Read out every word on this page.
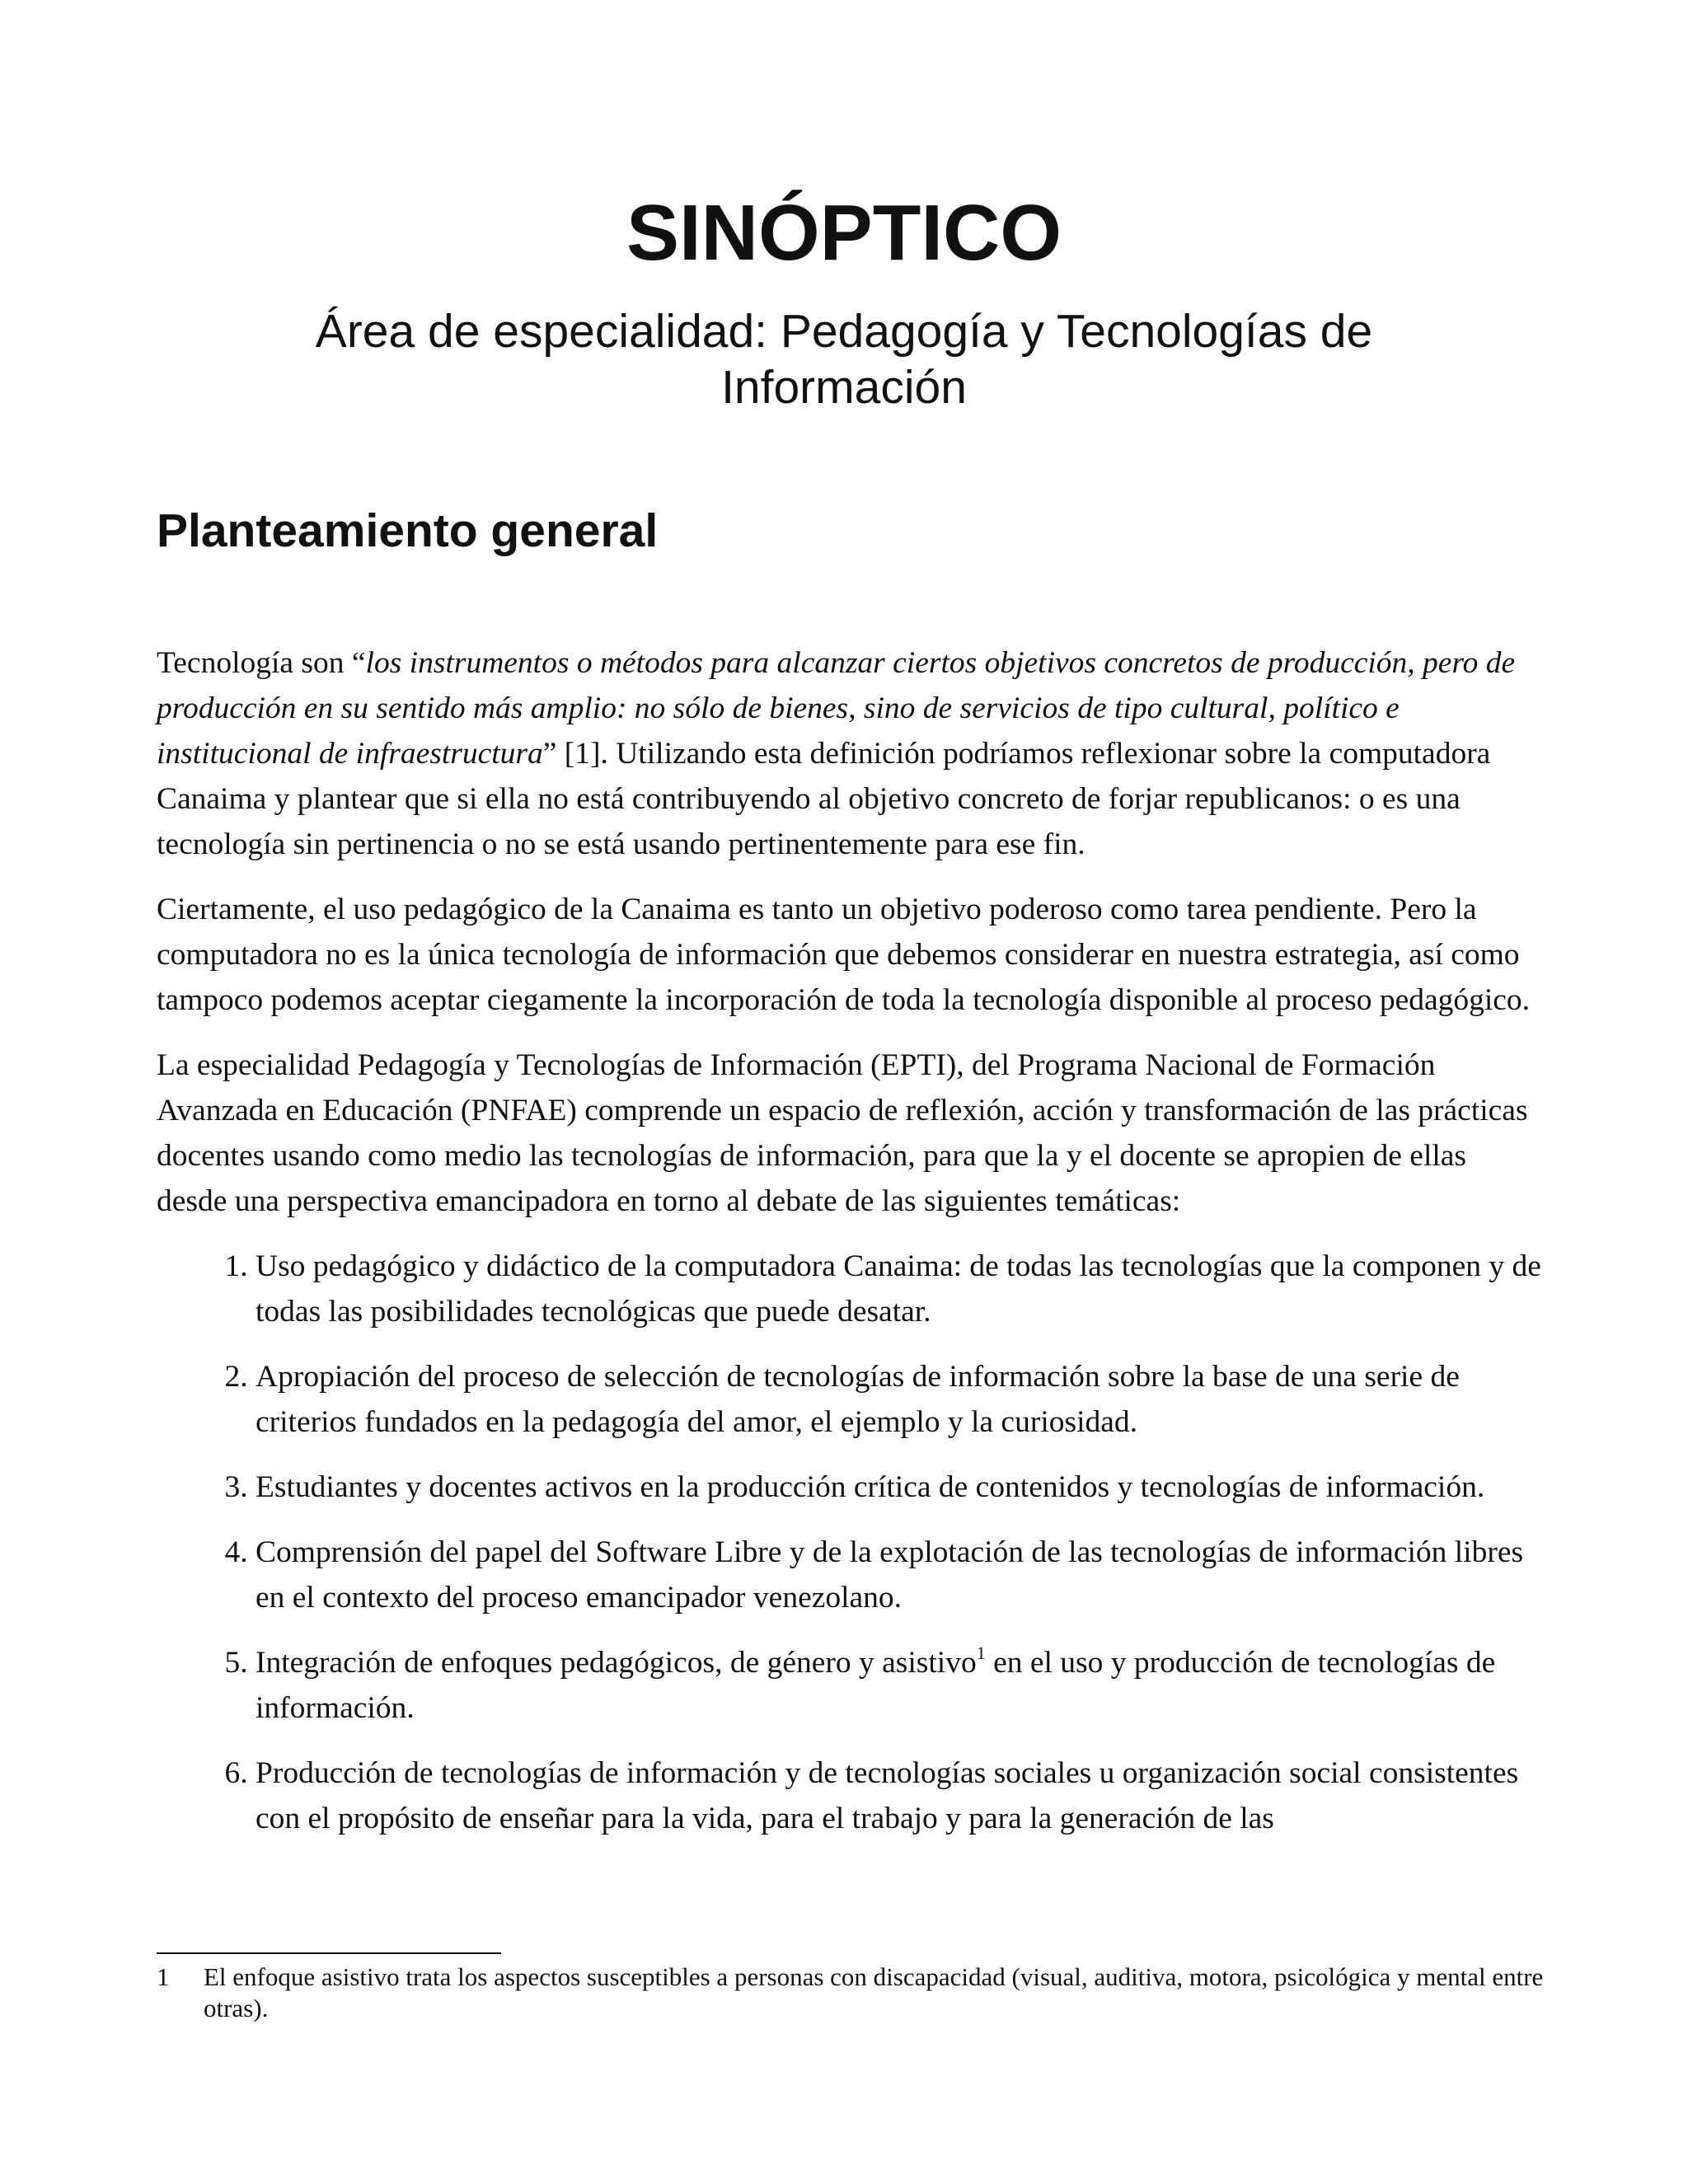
SINÓPTICO
Área de especialidad: Pedagogía y Tecnologías de
Información
Planteamiento general

Tecnología son “los instrumentos o métodos para alcanzar ciertos objetivos concretos de producción, pero de producción en su sentido más amplio: no sólo de bienes, sino de servicios de tipo cultural, político e institucional de infraestructura” [1]. Utilizando esta definición podríamos reflexionar sobre la computadora Canaima y plantear que si ella no está contribuyendo al objetivo concreto de forjar republicanos: o es una tecnología sin pertinencia o no se está usando pertinentemente para ese fin.

Ciertamente, el uso pedagógico de la Canaima es tanto un objetivo poderoso como tarea pendiente. Pero la computadora no es la única tecnología de información que debemos considerar en nuestra estrategia, así como tampoco podemos aceptar ciegamente la incorporación de toda la tecnología disponible al proceso pedagógico.

La especialidad Pedagogía y Tecnologías de Información (EPTI), del Programa Nacional de Formación Avanzada en Educación (PNFAE) comprende un espacio de reflexión, acción y transformación de las prácticas docentes usando como medio las tecnologías de información, para que la y el docente se apropien de ellas desde una perspectiva emancipadora en torno al debate de las siguientes temáticas:

1. Uso pedagógico y didáctico de la computadora Canaima: de todas las tecnologías que la componen y de todas las posibilidades tecnológicas que puede desatar.
2. Apropiación del proceso de selección de tecnologías de información sobre la base de una serie de criterios fundados en la pedagogía del amor, el ejemplo y la curiosidad.
3. Estudiantes y docentes activos en la producción crítica de contenidos y tecnologías de información.
4. Comprensión del papel del Software Libre y de la explotación de las tecnologías de información libres en el contexto del proceso emancipador venezolano.
5. Integración de enfoques pedagógicos, de género y asistivo$^1$ en el uso y producción de tecnologías de información.
6. Producción de tecnologías de información y de tecnologías sociales u organización social consistentes con el propósito de enseñar para la vida, para el trabajo y para la generación de las
1	El enfoque asistivo trata los aspectos susceptibles a personas con discapacidad (visual, auditiva, motora, psicológica y mental entre otras).
